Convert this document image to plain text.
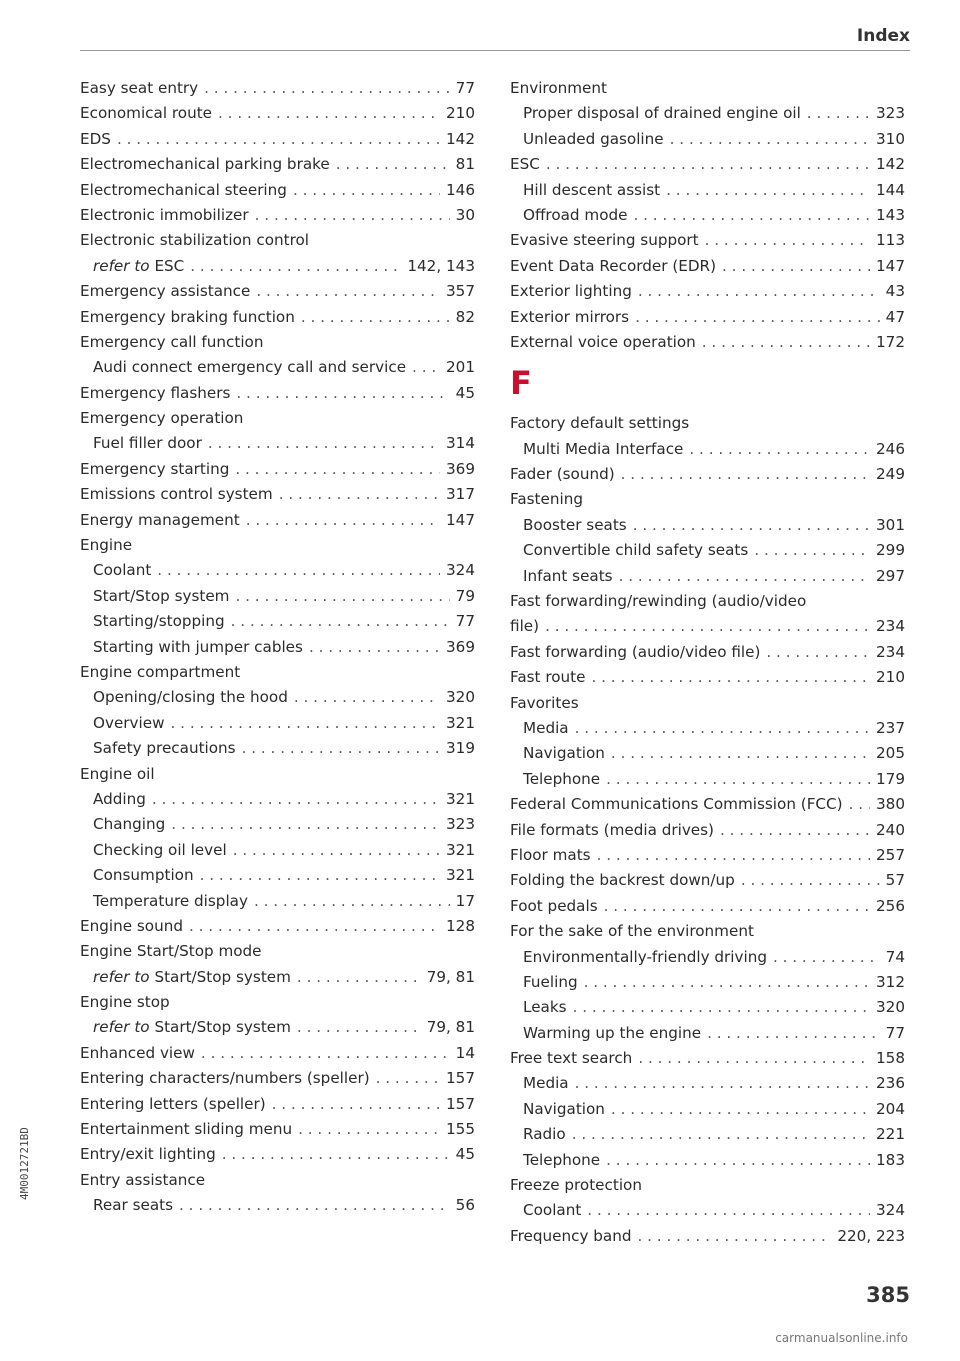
Index
Easy seat entry . . .	77
Economical route . . .	210
EDS . . .	142
Electromechanical parking brake . . .	81
Electromechanical steering . . .	146
Electronic immobilizer . . .	30
Electronic stabilization control
refer to ESC . . .	142, 143
Emergency assistance . . .	357
Emergency braking function . . .	82
Emergency call function
Audi connect emergency call and service . . .	201
Emergency flashers . . .	45
Emergency operation
Fuel filler door . . .	314
Emergency starting . . .	369
Emissions control system . . .	317
Energy management . . .	147
Engine
Coolant . . .	324
Start/Stop system . . .	79
Starting/stopping . . .	77
Starting with jumper cables . . .	369
Engine compartment
Opening/closing the hood . . .	320
Overview . . .	321
Safety precautions . . .	319
Engine oil
Adding . . .	321
Changing . . .	323
Checking oil level . . .	321
Consumption . . .	321
Temperature display . . .	17
Engine sound . . .	128
Engine Start/Stop mode
refer to Start/Stop system . . .	79, 81
Engine stop
refer to Start/Stop system . . .	79, 81
Enhanced view . . .	14
Entering characters/numbers (speller) . . .	157
Entering letters (speller) . . .	157
Entertainment sliding menu . . .	155
Entry/exit lighting . . .	45
Entry assistance
Rear seats . . .	56
Environment
Proper disposal of drained engine oil . . .	323
Unleaded gasoline . . .	310
ESC . . .	142
Hill descent assist . . .	144
Offroad mode . . .	143
Evasive steering support . . .	113
Event Data Recorder (EDR) . . .	147
Exterior lighting . . .	43
Exterior mirrors . . .	47
External voice operation . . .	172
F
Factory default settings
Multi Media Interface . . .	246
Fader (sound) . . .	249
Fastening
Booster seats . . .	301
Convertible child safety seats . . .	299
Infant seats . . .	297
Fast forwarding/rewinding (audio/video
file) . . .	234
Fast forwarding (audio/video file) . . .	234
Fast route . . .	210
Favorites
Media . . .	237
Navigation . . .	205
Telephone . . .	179
Federal Communications Commission (FCC) . . . 380
File formats (media drives) . . .	240
Floor mats . . .	257
Folding the backrest down/up . . .	57
Foot pedals . . .	256
For the sake of the environment
Environmentally-friendly driving . . .	74
Fueling . . .	312
Leaks . . .	320
Warming up the engine . . .	77
Free text search . . .	158
Media . . .	236
Navigation . . .	204
Radio . . .	221
Telephone . . .	183
Freeze protection
Coolant . . .	324
Frequency band . . .	220, 223
4M0012721BD
385
carmanualsonline.info
